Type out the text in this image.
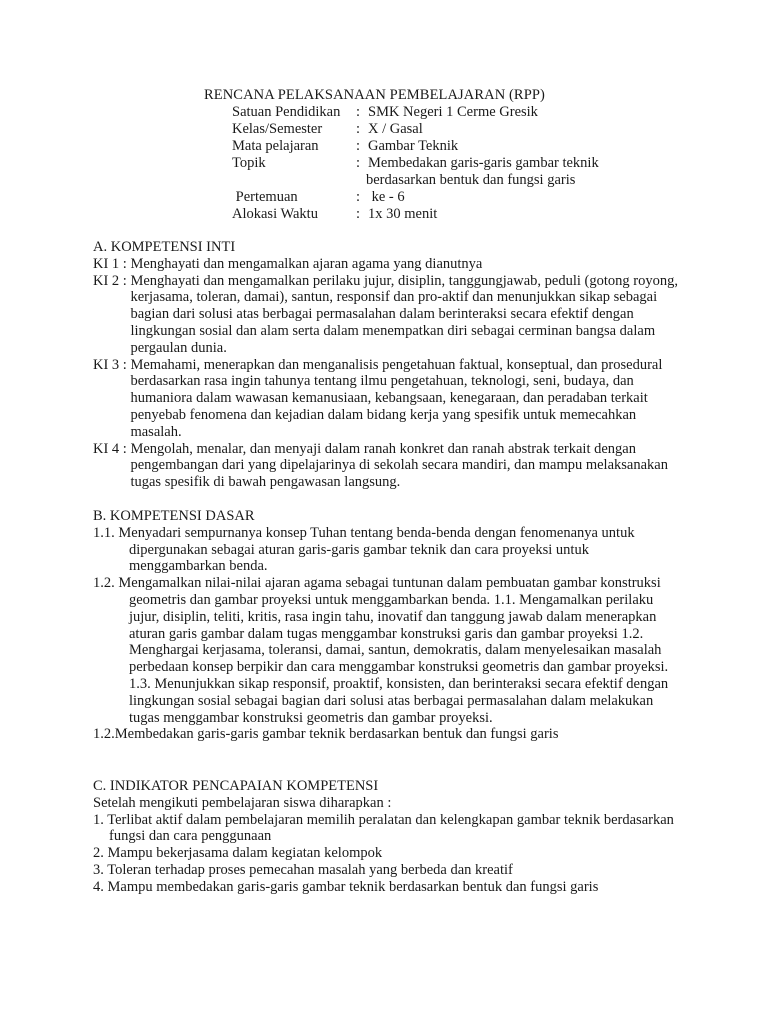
RENCANA PELAKSANAAN PEMBELAJARAN (RPP)
Satuan Pendidikan : SMK Negeri 1 Cerme Gresik
Kelas/Semester : X / Gasal
Mata pelajaran	: Gambar Teknik
Topik	: Membedakan garis-garis gambar teknik
berdasarkan bentuk dan fungsi garis
Pertemuan	: ke - 6
Alokasi Waktu	: 1x 30 menit

A. KOMPETENSI INTI

KI 1 : Menghayati dan mengamalkan ajaran agama yang dianutnya
KI 2 : Menghayati dan mengamalkan perilaku jujur, disiplin, tanggungjawab, peduli (gotong royong, kerjasama, toleran, damai), santun, responsif dan pro-aktif dan menunjukkan sikap sebagai bagian dari solusi atas berbagai permasalahan dalam berinteraksi secara efektif dengan lingkungan sosial dan alam serta dalam menempatkan diri sebagai cerminan bangsa dalam pergaulan dunia.
KI 3 : Memahami, menerapkan dan menganalisis pengetahuan faktual, konseptual, dan prosedural berdasarkan rasa ingin tahunya tentang ilmu pengetahuan, teknologi, seni, budaya, dan humaniora dalam wawasan kemanusiaan, kebangsaan, kenegaraan, dan peradaban terkait penyebab fenomena dan kejadian dalam bidang kerja yang spesifik untuk memecahkan masalah.
KI 4 : Mengolah, menalar, dan menyaji dalam ranah konkret dan ranah abstrak terkait dengan pengembangan dari yang dipelajarinya di sekolah secara mandiri, dan mampu melaksanakan tugas spesifik di bawah pengawasan langsung.

B. KOMPETENSI DASAR

1.1. Menyadari sempurnanya konsep Tuhan tentang benda-benda dengan fenomenanya untuk dipergunakan sebagai aturan garis-garis gambar teknik dan cara proyeksi untuk menggambarkan benda.

1.2. Mengamalkan nilai-nilai ajaran agama sebagai tuntunan dalam pembuatan gambar konstruksi geometris dan gambar proyeksi untuk menggambarkan benda. 1.1. Mengamalkan perilaku jujur, disiplin, teliti, kritis, rasa ingin tahu, inovatif dan tanggung jawab dalam menerapkan aturan garis gambar dalam tugas menggambar konstruksi garis dan gambar proyeksi 1.2. Menghargai kerjasama, toleransi, damai, santun, demokratis, dalam menyelesaikan masalah perbedaan konsep berpikir dan cara menggambar konstruksi geometris dan gambar proyeksi. 1.3. Menunjukkan sikap responsif, proaktif, konsisten, dan berinteraksi secara efektif dengan lingkungan sosial sebagai bagian dari solusi atas berbagai permasalahan dalam melakukan tugas menggambar konstruksi geometris dan gambar proyeksi.

1.2.Membedakan garis-garis gambar teknik berdasarkan bentuk dan fungsi garis

C. INDIKATOR PENCAPAIAN KOMPETENSI

Setelah mengikuti pembelajaran siswa diharapkan :

1. Terlibat aktif dalam pembelajaran memilih peralatan dan kelengkapan gambar teknik berdasarkan fungsi dan cara penggunaan

2. Mampu bekerjasama dalam kegiatan kelompok

3. Toleran terhadap proses pemecahan masalah yang berbeda dan kreatif

4. Mampu membedakan garis-garis gambar teknik berdasarkan bentuk dan fungsi garis
